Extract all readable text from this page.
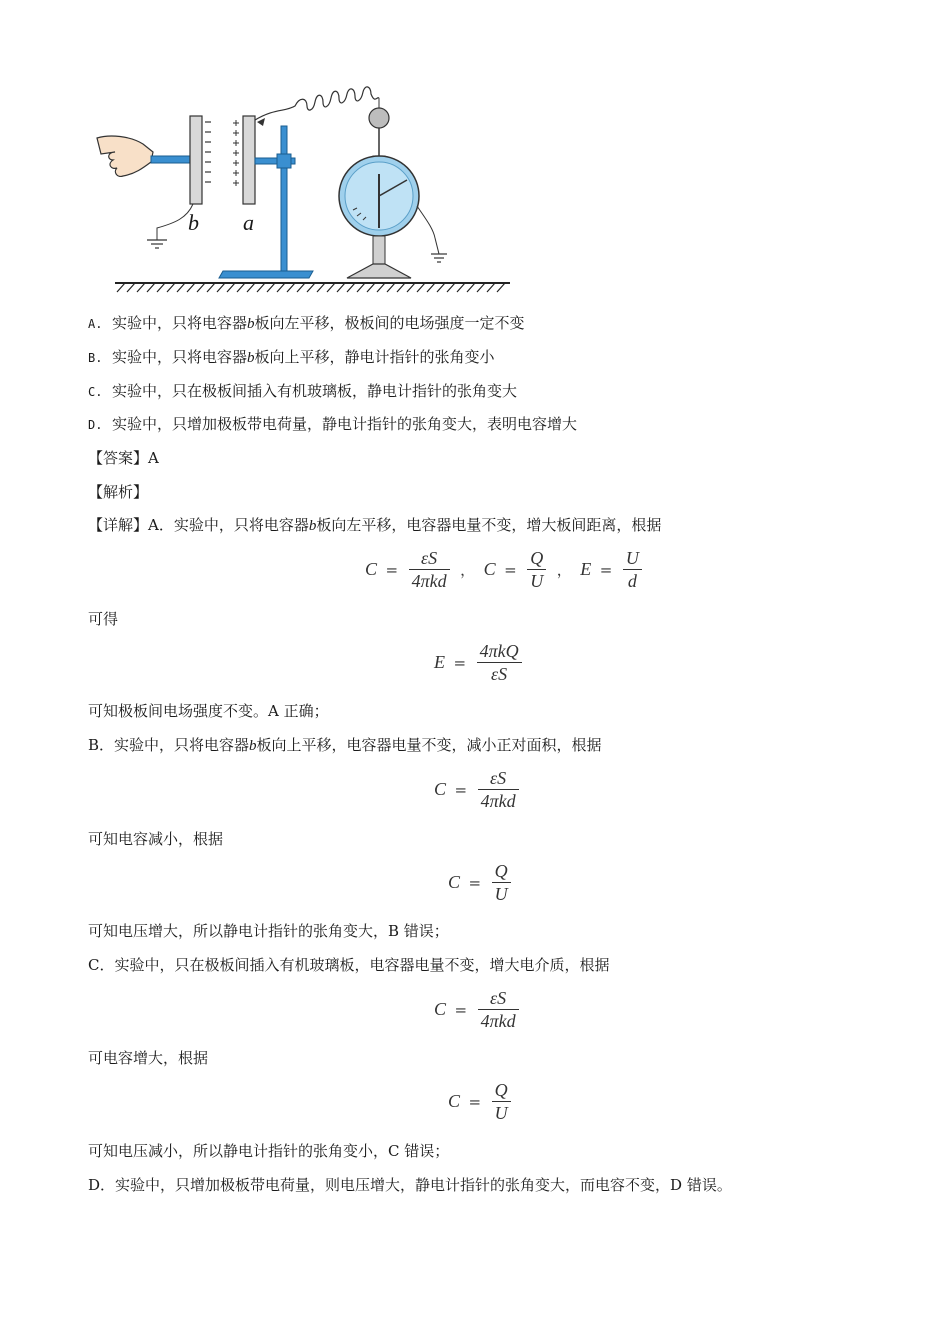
b a
A. 实验中，只将电容器b板向左平移，极板间的电场强度一定不变
B. 实验中，只将电容器b板向上平移，静电计指针的张角变小
C. 实验中，只在极板间插入有机玻璃板，静电计指针的张角变大
D. 实验中，只增加极板带电荷量，静电计指针的张角变大，表明电容增大
【答案】A
【解析】
【详解】A．实验中，只将电容器b板向左平移，电容器电量不变，增大板间距离，根据
$C = \frac{\varepsilon S}{\text{4πkd}}$ ， $C = \frac{Q}{U}$ ， $E = \frac{U}{d}$
可得
$E = \frac{\text{4πkQ}}{\varepsilon S}$
可知极板间电场强度不变。A 正确；
B．实验中，只将电容器b板向上平移，电容器电量不变，减小正对面积，根据
$C = \frac{\varepsilon S}{\text{4πkd}}$
可知电容减小，根据
$C = \frac{Q}{U}$
可知电压增大，所以静电计指针的张角变大，B 错误；
C．实验中，只在极板间插入有机玻璃板，电容器电量不变，增大电介质，根据
$C = \frac{\varepsilon S}{\text{4πkd}}$
可电容增大，根据
$C = \frac{Q}{U}$
可知电压减小，所以静电计指针的张角变小，C 错误；
D．实验中，只增加极板带电荷量，则电压增大，静电计指针的张角变大，而电容不变，D 错误。
